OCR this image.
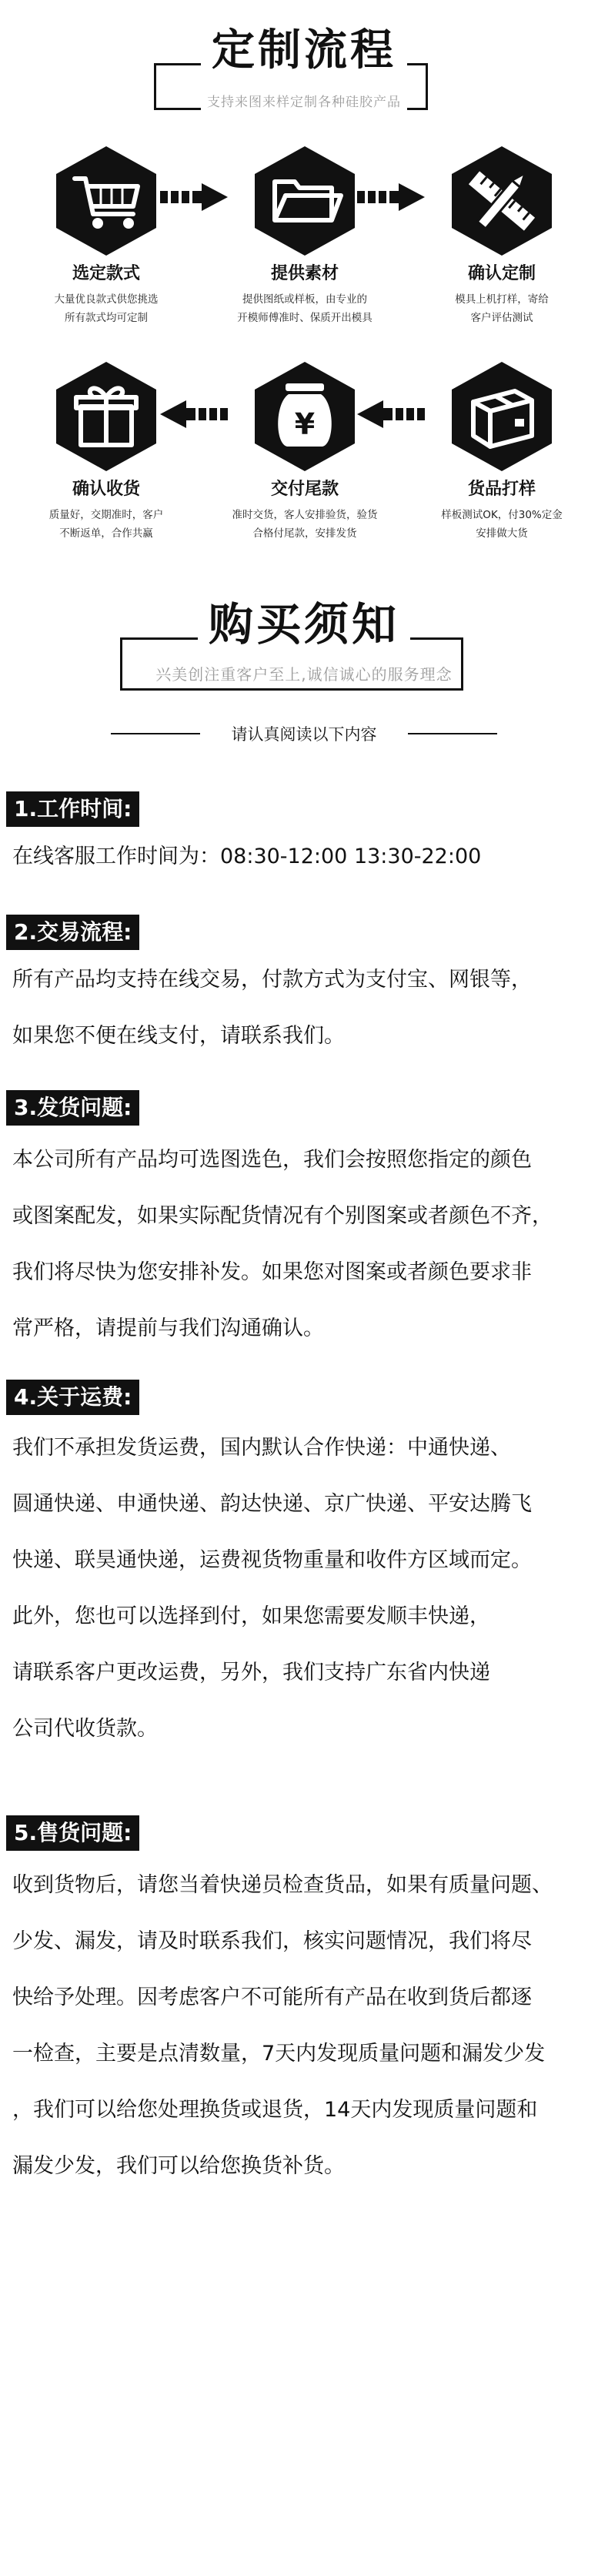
定制流程
支持来图来样定制各种硅胶产品
选定款式
大量优良款式供您挑选
所有款式均可定制
提供素材
提供图纸或样板，由专业的
开模师傅准时、保质开出模具
确认定制
模具上机打样，寄给
客户评估测试
确认收货
质量好，交期准时，客户
不断返单，合作共赢
¥
交付尾款
准时交货，客人安排验货，验货
合格付尾款，安排发货
货品打样
样板测试OK，付30%定金
安排做大货
购买须知
兴美创注重客户至上,诚信诚心的服务理念
请认真阅读以下内容
1.工作时间:
在线客服工作时间为：08:30-12:00 13:30-22:00
2.交易流程:
所有产品均支持在线交易，付款方式为支付宝、网银等，
如果您不便在线支付，请联系我们。
3.发货问题:
本公司所有产品均可选图选色，我们会按照您指定的颜色
或图案配发，如果实际配货情况有个别图案或者颜色不齐，
我们将尽快为您安排补发。如果您对图案或者颜色要求非
常严格，请提前与我们沟通确认。
4.关于运费:
我们不承担发货运费，国内默认合作快递：中通快递、
圆通快递、申通快递、韵达快递、京广快递、平安达腾飞
快递、联昊通快递，运费视货物重量和收件方区域而定。
此外，您也可以选择到付，如果您需要发顺丰快递，
请联系客户更改运费，另外，我们支持广东省内快递
公司代收货款。
5.售货问题:
收到货物后，请您当着快递员检查货品，如果有质量问题、
少发、漏发，请及时联系我们，核实问题情况，我们将尽
快给予处理。因考虑客户不可能所有产品在收到货后都逐
一检查，主要是点清数量，7天内发现质量问题和漏发少发
，我们可以给您处理换货或退货，14天内发现质量问题和
漏发少发，我们可以给您换货补货。
